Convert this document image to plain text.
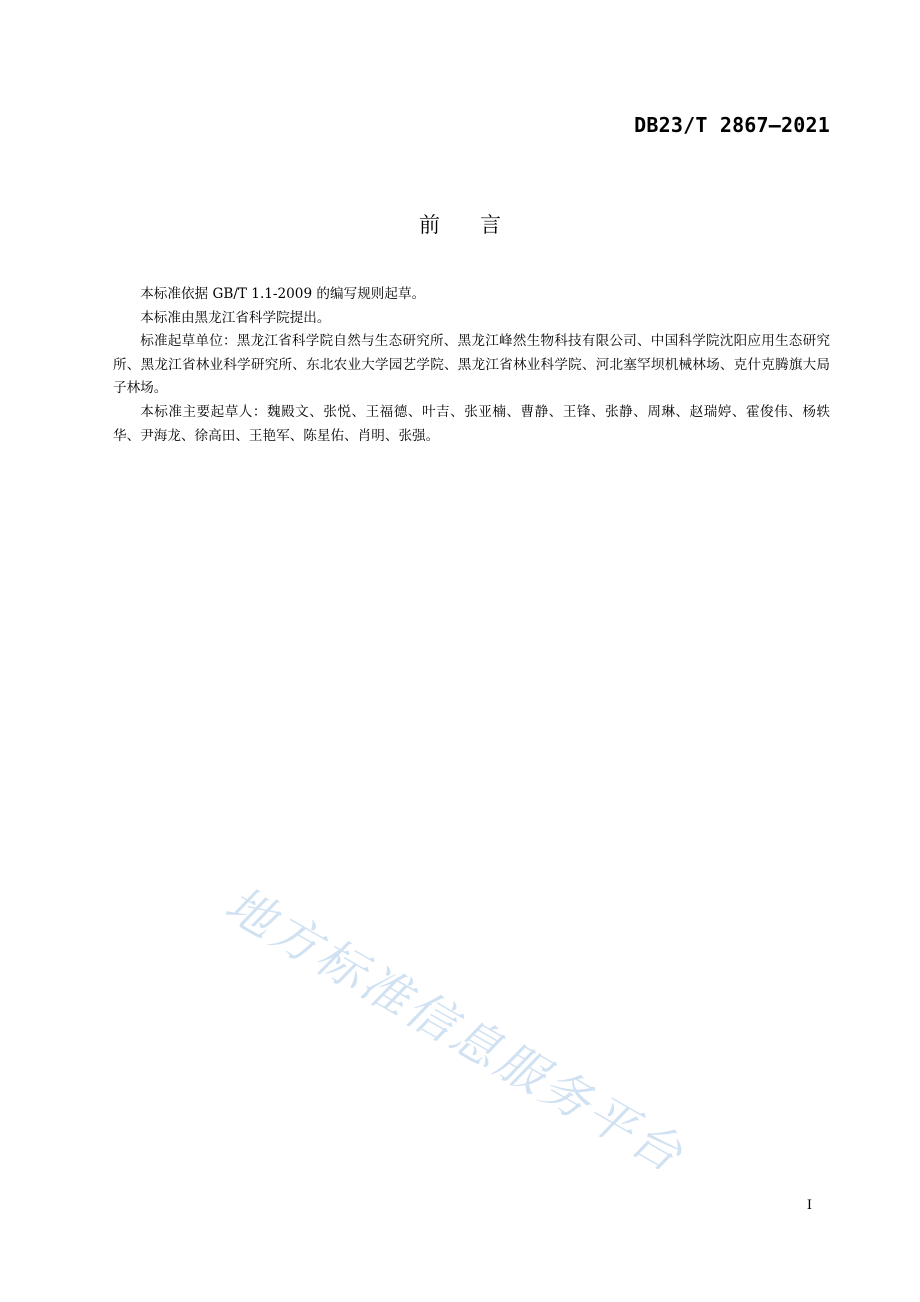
DB23/T 2867—2021
前言

本标准依据 GB/T 1.1-2009 的编写规则起草。

本标准由黑龙江省科学院提出。

标准起草单位：黑龙江省科学院自然与生态研究所、黑龙江峰然生物科技有限公司、中国科学院沈阳应用生态研究所、黑龙江省林业科学研究所、东北农业大学园艺学院、黑龙江省林业科学院、河北塞罕坝机械林场、克什克腾旗大局子林场。

本标准主要起草人：魏殿文、张悦、王福德、叶吉、张亚楠、曹静、王锋、张静、周琳、赵瑞婷、霍俊伟、杨轶华、尹海龙、徐高田、王艳军、陈星佑、肖明、张强。

地方标准信息服务平台
I
